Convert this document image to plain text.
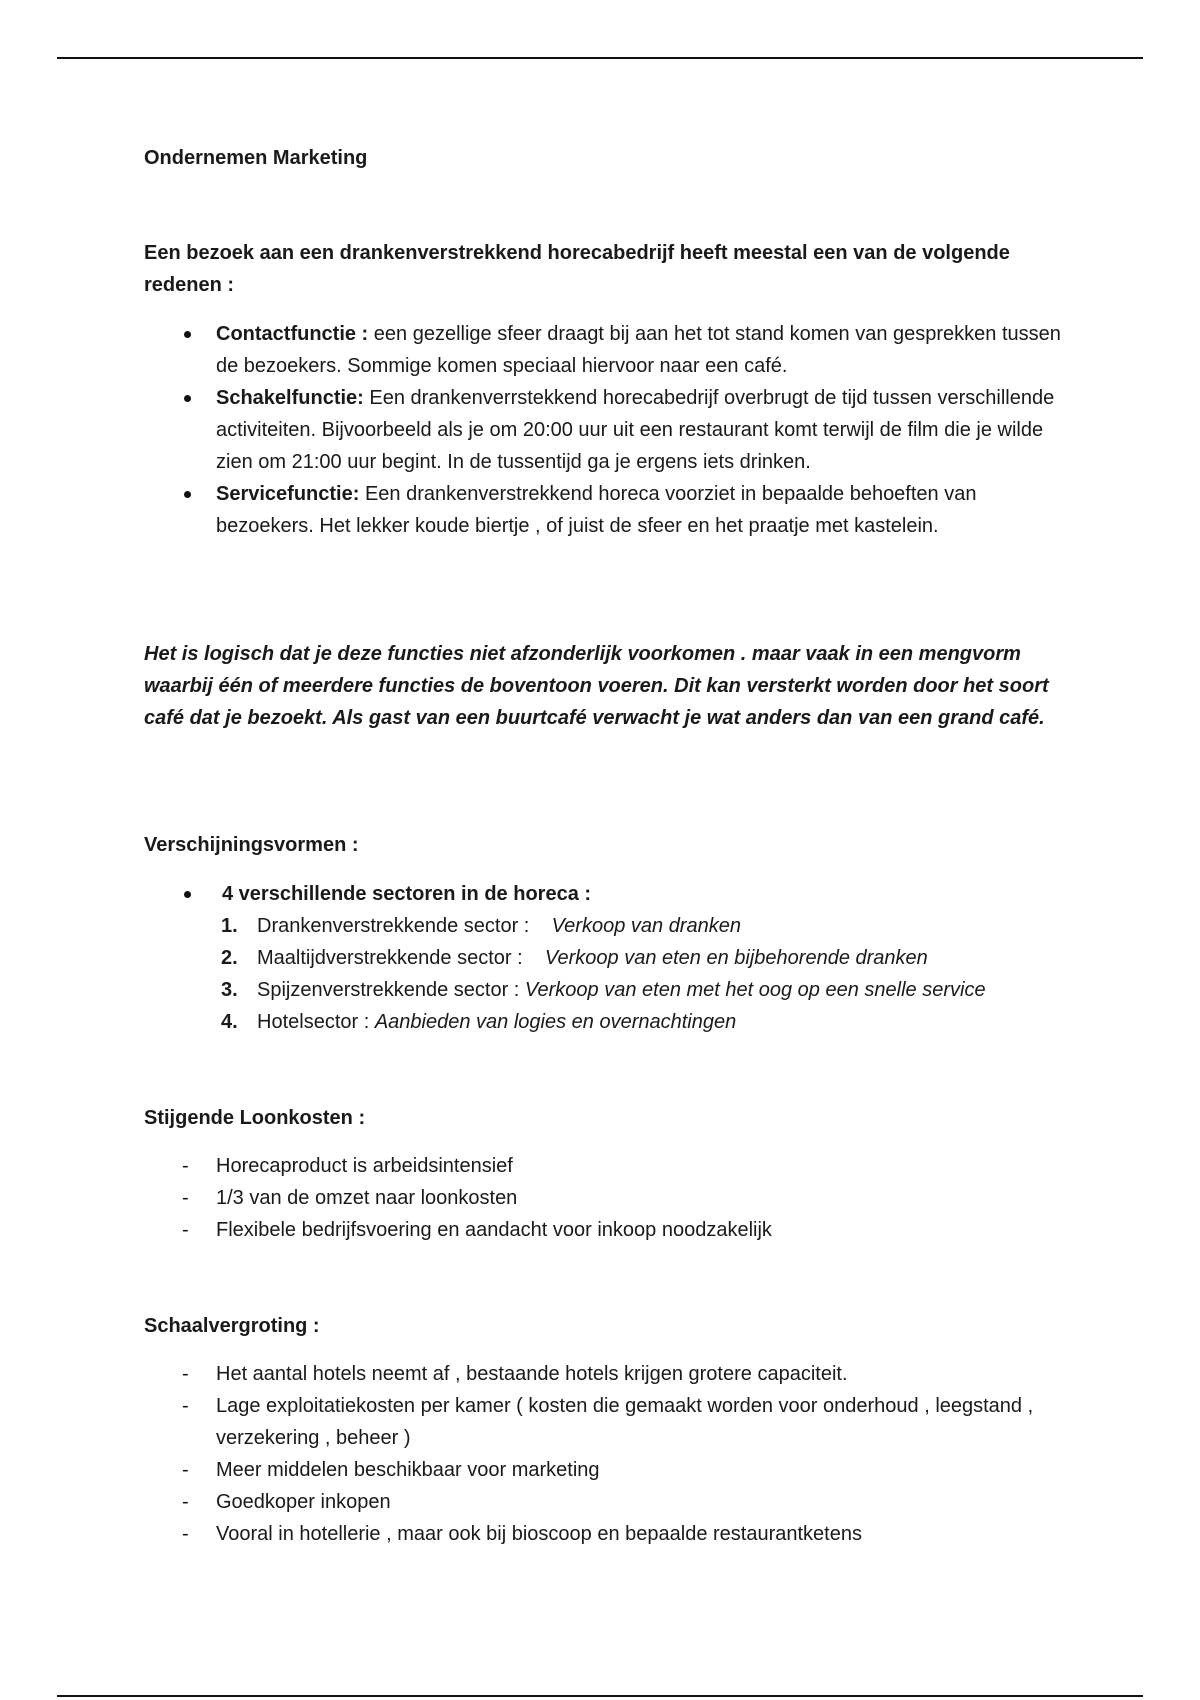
Ondernemen Marketing

Een bezoek aan een drankenverstrekkend horecabedrijf heeft meestal een van de volgende redenen :

Contactfunctie : een gezellige sfeer draagt bij aan het tot stand komen van gesprekken tussen de bezoekers. Sommige komen speciaal hiervoor naar een café.
Schakelfunctie: Een drankenverrstekkend horecabedrijf overbrugt de tijd tussen verschillende activiteiten. Bijvoorbeeld als je om 20:00 uur uit een restaurant komt terwijl de film die je wilde zien om 21:00 uur begint. In de tussentijd ga je ergens iets drinken.
Servicefunctie: Een drankenverstrekkend horeca voorziet in bepaalde behoeften van bezoekers. Het lekker koude biertje , of juist de sfeer en het praatje met kastelein.

Het is logisch dat je deze functies niet afzonderlijk voorkomen . maar vaak in een mengvorm waarbij één of meerdere functies de boventoon voeren. Dit kan versterkt worden door het soort café dat je bezoekt. Als gast van een buurtcafé verwacht je wat anders dan van een grand café.

Verschijningsvormen :

4 verschillende sectoren in de horeca :
1. Drankenverstrekkende sector :    Verkoop van dranken
2. Maaltijdverstrekkende sector :    Verkoop van eten en bijbehorende dranken
3. Spijzenverstrekkende sector : Verkoop van eten met het oog op een snelle service
4. Hotelsector : Aanbieden van logies en overnachtingen

Stijgende Loonkosten :

- Horecaproduct is arbeidsintensief
- 1/3 van de omzet naar loonkosten
- Flexibele bedrijfsvoering en aandacht voor inkoop noodzakelijk

Schaalvergroting :

- Het aantal hotels neemt af , bestaande hotels krijgen grotere capaciteit.
- Lage exploitatiekosten per kamer ( kosten die gemaakt worden voor onderhoud , leegstand , verzekering , beheer )
- Meer middelen beschikbaar voor marketing
- Goedkoper inkopen
- Vooral in hotellerie , maar ook bij bioscoop en bepaalde restaurantketens
